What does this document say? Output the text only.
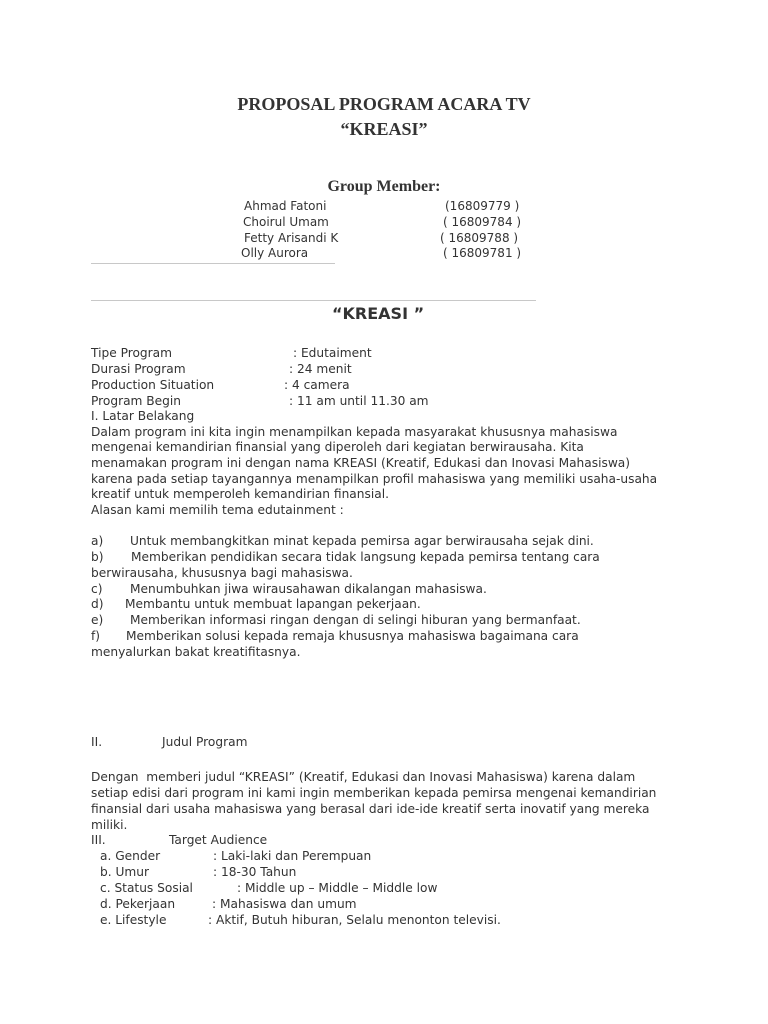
PROPOSAL PROGRAM ACARA TV
“KREASI”
Group Member:
Ahmad Fatoni	(16809779 )
Choirul Umam	( 16809784 )
Fetty Arisandi K	( 16809788 )
Olly Aurora	( 16809781 )
“KREASI ”
Tipe Program	: Edutaiment
Durasi Program	: 24 menit
Production Situation	: 4 camera
Program Begin	: 11 am until 11.30 am
I. Latar Belakang
Dalam program ini kita ingin menampilkan kepada masyarakat khususnya mahasiswa
mengenai kemandirian finansial yang diperoleh dari kegiatan berwirausaha. Kita
menamakan program ini dengan nama KREASI (Kreatif, Edukasi dan Inovasi Mahasiswa)
karena pada setiap tayangannya menampilkan profil mahasiswa yang memiliki usaha-usaha
kreatif untuk memperoleh kemandirian finansial.
Alasan kami memilih tema edutainment :
a) Untuk membangkitkan minat kepada pemirsa agar berwirausaha sejak dini.
b) Memberikan pendidikan secara tidak langsung kepada pemirsa tentang cara
berwirausaha, khususnya bagi mahasiswa.
c) Menumbuhkan jiwa wirausahawan dikalangan mahasiswa.
d) Membantu untuk membuat lapangan pekerjaan.
e) Memberikan informasi ringan dengan di selingi hiburan yang bermanfaat.
f) Memberikan solusi kepada remaja khususnya mahasiswa bagaimana cara
menyalurkan bakat kreatifitasnya.
II.	Judul Program
Dengan  memberi judul “KREASI” (Kreatif, Edukasi dan Inovasi Mahasiswa) karena dalam
setiap edisi dari program ini kami ingin memberikan kepada pemirsa mengenai kemandirian
finansial dari usaha mahasiswa yang berasal dari ide-ide kreatif serta inovatif yang mereka
miliki.
III.	Target Audience
a. Gender	: Laki-laki dan Perempuan
b. Umur	: 18-30 Tahun
c. Status Sosial	: Middle up – Middle – Middle low
d. Pekerjaan	: Mahasiswa dan umum
e. Lifestyle	: Aktif, Butuh hiburan, Selalu menonton televisi.
